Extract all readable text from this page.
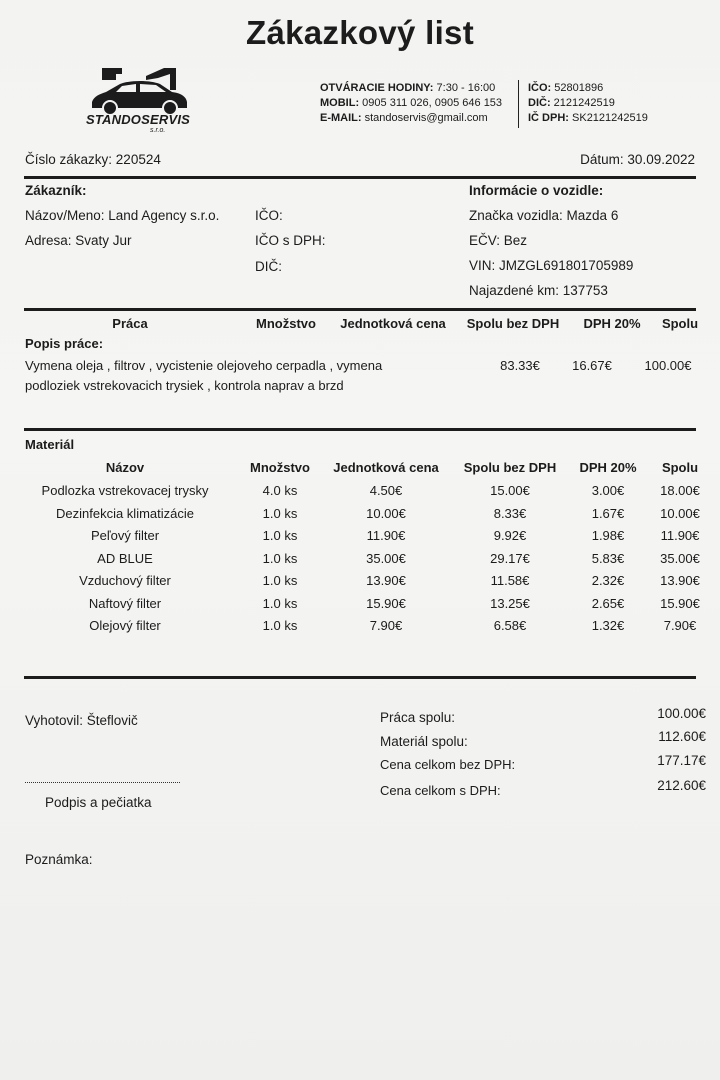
Zákazkový list
STANDOSERVIS
s.r.o.
OTVÁRACIE HODINY: 7:30 - 16:00
MOBIL: 0905 311 026, 0905 646 153
E-MAIL: standoservis@gmail.com
IČO: 52801896
DIČ: 2121242519
IČ DPH: SK2121242519
Číslo zákazky: 220524	Dátum: 30.09.2022
Zákazník:
Názov/Meno: Land Agency s.r.o.
Adresa: Svaty Jur
IČO:
IČO s DPH:
DIČ:
Informácie o vozidle:
Značka vozidla: Mazda 6
EČV: Bez
VIN: JMZGL691801705989
Najazdené km: 137753
Práca	Množstvo	Jednotková cena	Spolu bez DPH	DPH 20%	Spolu
Popis práce:
Vymena oleja , filtrov , vycistenie olejoveho cerpadla , vymena
podloziek vstrekovacich trysiek , kontrola naprav a brzd
83.33€	16.67€	100.00€
Materiál
Názov	Množstvo	Jednotková cena	Spolu bez DPH	DPH 20%	Spolu
Podlozka vstrekovacej trysky	4.0 ks	4.50€	15.00€	3.00€	18.00€
Dezinfekcia klimatizácie	1.0 ks	10.00€	8.33€	1.67€	10.00€
Peľový filter	1.0 ks	11.90€	9.92€	1.98€	11.90€
AD BLUE	1.0 ks	35.00€	29.17€	5.83€	35.00€
Vzduchový filter	1.0 ks	13.90€	11.58€	2.32€	13.90€
Naftový filter	1.0 ks	15.90€	13.25€	2.65€	15.90€
Olejový filter	1.0 ks	7.90€	6.58€	1.32€	7.90€
Vyhotovil: Šteflovič
Podpis a pečiatka
Poznámka:
Práca spolu:	100.00€
Materiál spolu:	112.60€
Cena celkom bez DPH:	177.17€
Cena celkom s DPH:	212.60€
